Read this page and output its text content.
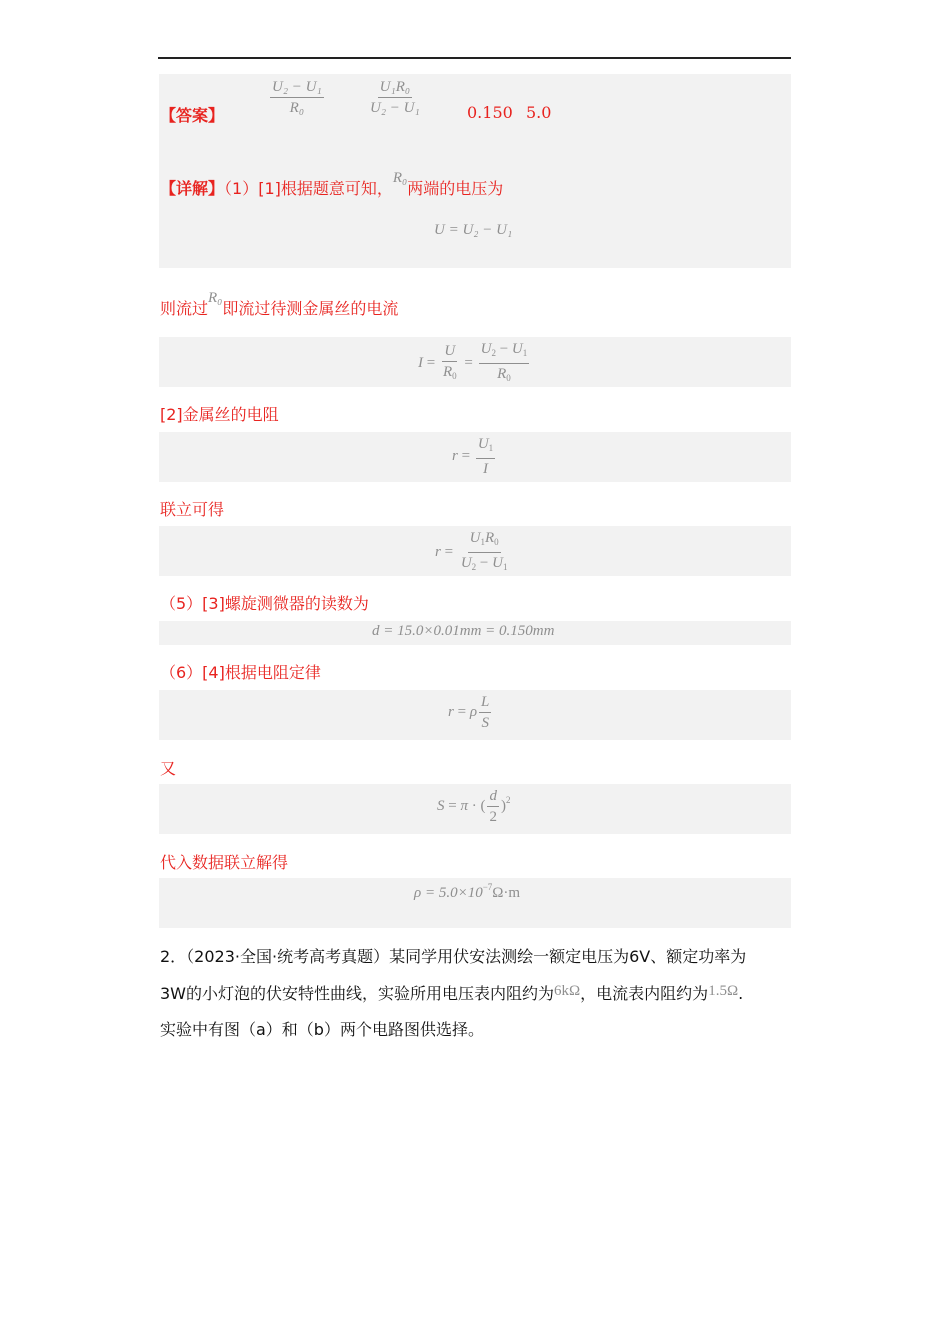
【答案】	$\frac{\text{U₂ − U₁}}{\text{R₀}}$	$\frac{\text{U₁R₀}}{\text{U₂ − U₁}}$	0.150 5.0
【详解】（1）[1]根据题意可知，R₀两端的电压为
U = U₂ − U₁
则流过R₀即流过待测金属丝的电流
$I = \frac{U}{R_0} = \frac{U_2 - U_1}{R_0}$
[2]金属丝的电阻
$r = \frac{U_1}{I}$
联立可得
$r = \frac{U_1R_0}{U_2 - U_1}$
（5）[3]螺旋测微器的读数为
d = 15.0×0.01mm = 0.150mm
（6）[4]根据电阻定律
r = ρ $\frac{L}{S}$
又
S = π · ( $\frac{d}{2} )^2$
代入数据联立解得
$\rho = 5.0\times 10^{-7}\Omega\cdot m$
2．（2023·全国·统考高考真题）某同学用伏安法测绘一额定电压为6V、额定功率为
3W的小灯泡的伏安特性曲线，实验所用电压表内阻约为6kΩ，电流表内阻约为1.5Ω.
实验中有图（a）和（b）两个电路图供选择。
